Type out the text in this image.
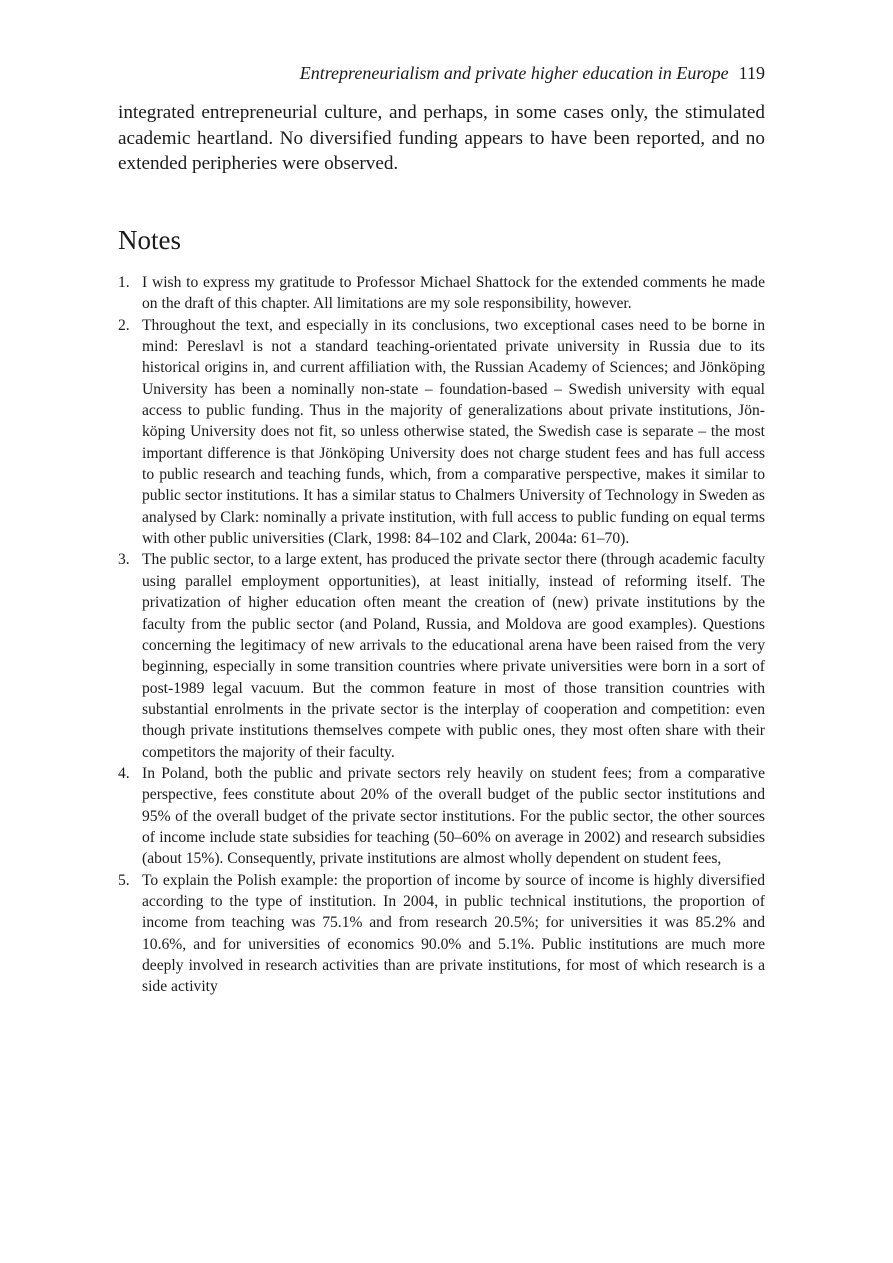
Entrepreneurialism and private higher education in Europe 119

integrated entrepreneurial culture, and perhaps, in some cases only, the stimulated academic heartland. No diversified funding appears to have been reported, and no extended peripheries were observed.

Notes
1. I wish to express my gratitude to Professor Michael Shattock for the extended comments he made on the draft of this chapter. All limitations are my sole responsibility, however.

2. Throughout the text, and especially in its conclusions, two exceptional cases need to be borne in mind: Pereslavl is not a standard teaching-orientated private university in Russia due to its historical origins in, and current affiliation with, the Russian Academy of Sciences; and Jönköping University has been a nominally non-state – foundation-based – Swedish university with equal access to public funding. Thus in the majority of generalizations about private institutions, Jönköping University does not fit, so unless otherwise stated, the Swedish case is separate – the most important difference is that Jönköping University does not charge student fees and has full access to public research and teaching funds, which, from a comparative perspective, makes it similar to public sector institutions. It has a similar status to Chalmers University of Technology in Sweden as analysed by Clark: nominally a private institution, with full access to public funding on equal terms with other public universities (Clark, 1998: 84–102 and Clark, 2004a: 61–70).

3. The public sector, to a large extent, has produced the private sector there (through academic faculty using parallel employment opportunities), at least initially, instead of reforming itself. The privatization of higher education often meant the creation of (new) private institutions by the faculty from the public sector (and Poland, Russia, and Moldova are good examples). Questions concerning the legitimacy of new arrivals to the educational arena have been raised from the very beginning, especially in some transition countries where private universities were born in a sort of post-1989 legal vacuum. But the common feature in most of those transition countries with substantial enrolments in the private sector is the interplay of cooperation and competition: even though private institutions themselves compete with public ones, they most often share with their competitors the majority of their faculty.

4. In Poland, both the public and private sectors rely heavily on student fees; from a comparative perspective, fees constitute about 20% of the overall budget of the public sector institutions and 95% of the overall budget of the private sector institutions. For the public sector, the other sources of income include state subsidies for teaching (50–60% on average in 2002) and research subsidies (about 15%). Consequently, private institutions are almost wholly dependent on student fees,

5. To explain the Polish example: the proportion of income by source of income is highly diversified according to the type of institution. In 2004, in public technical institutions, the proportion of income from teaching was 75.1% and from research 20.5%; for universities it was 85.2% and 10.6%, and for universities of economics 90.0% and 5.1%. Public institutions are much more deeply involved in research activities than are private institutions, for most of which research is a side activity
